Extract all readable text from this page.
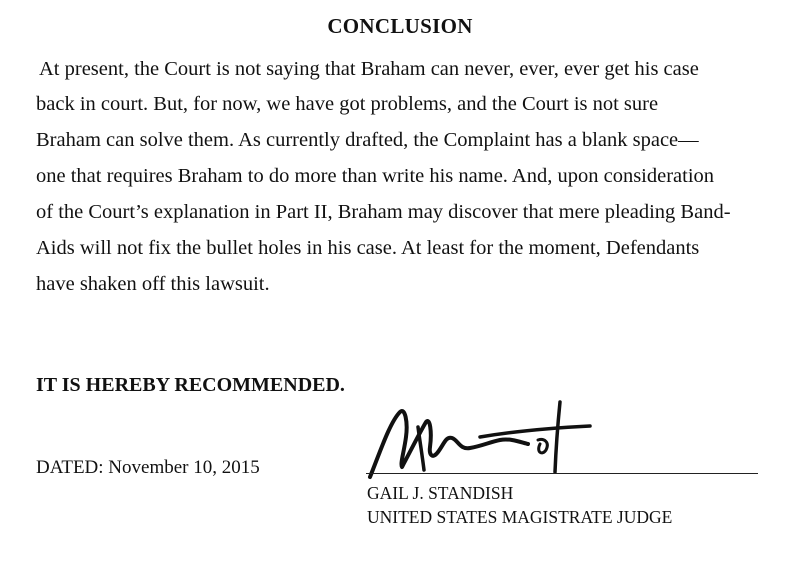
CONCLUSION
At present, the Court is not saying that Braham can never, ever, ever get his case
back in court. But, for now, we have got problems, and the Court is not sure
Braham can solve them. As currently drafted, the Complaint has a blank space—
one that requires Braham to do more than write his name. And, upon consideration
of the Court’s explanation in Part II, Braham may discover that mere pleading Band-
Aids will not fix the bullet holes in his case. At least for the moment, Defendants
have shaken off this lawsuit.
IT IS HEREBY RECOMMENDED.
DATED: November 10, 2015
GAIL J. STANDISH
UNITED STATES MAGISTRATE JUDGE
